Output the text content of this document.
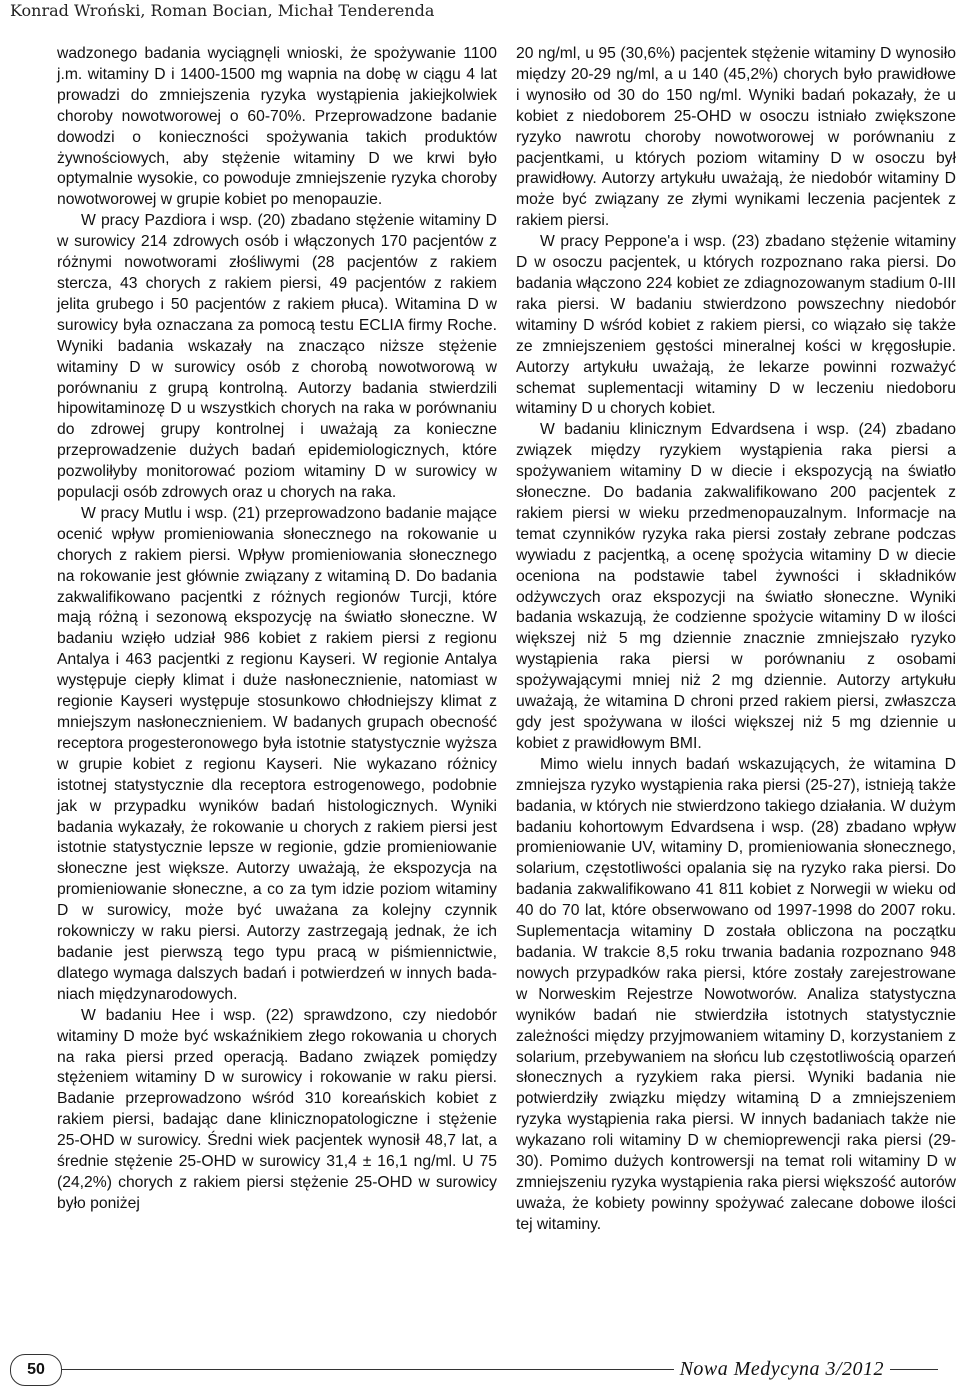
Konrad Wroński, Roman Bocian, Michał Tenderenda

wadzonego badania wyciągnęli wnioski, że spożywanie 1100 j.m. witaminy D i 1400-1500 mg wapnia na dobę w ciągu 4 lat prowadzi do zmniejszenia ryzyka wystąpienia jakiejkolwiek choroby nowotworowej o 60-70%. Przeprowadzone badanie dowodzi o konieczności spożywania takich produktów żywnościowych, aby stężenie witaminy D we krwi było optymalnie wysokie, co powoduje zmniejszenie ryzyka choroby nowotworowej w grupie kobiet po menopauzie.

W pracy Pazdiora i wsp. (20) zbadano stężenie witaminy D w surowicy 214 zdrowych osób i włączonych 170 pacjentów z różnymi nowotworami złośliwymi (28 pacjentów z rakiem stercza, 43 chorych z rakiem piersi, 49 pacjentów z rakiem jelita grubego i 50 pacjentów z rakiem płuca). Witamina D w surowicy była oznaczana za pomocą testu ECLIA firmy Roche. Wyniki badania wskazały na znacząco niższe stężenie witaminy D w surowicy osób z chorobą nowotworową w porównaniu z grupą kontrolną. Autorzy badania stwierdzili hipowitaminozę D u wszystkich chorych na raka w porównaniu do zdrowej grupy kontrolnej i uważają za konieczne przeprowadzenie dużych badań epidemiologicznych, które pozwoliłyby monitorować poziom witaminy D w surowicy w populacji osób zdrowych oraz u chorych na raka.

W pracy Mutlu i wsp. (21) przeprowadzono badanie mające ocenić wpływ promieniowania słonecznego na rokowanie u chorych z rakiem piersi. Wpływ promieniowania słonecznego na rokowanie jest głównie związany z witaminą D. Do badania zakwalifikowano pacjentki z różnych regionów Turcji, które mają różną i sezonową ekspozycję na światło słoneczne. W badaniu wzięło udział 986 kobiet z rakiem piersi z regionu Antalya i 463 pacjentki z regionu Kayseri. W regionie Antalya występuje ciepły klimat i duże nasłonecznienie, natomiast w regionie Kayseri występuje stosunkowo chłodniejszy klimat z mniejszym nasłonecznieniem. W badanych grupach obecność receptora progesteronowego była istotnie statystycznie wyższa w grupie kobiet z regionu Kayseri. Nie wykazano różnicy istotnej statystycznie dla receptora estrogenowego, podobnie jak w przypadku wyników badań histologicznych. Wyniki badania wykazały, że rokowanie u chorych z rakiem piersi jest istotnie statystycznie lepsze w regionie, gdzie promieniowanie słoneczne jest większe. Autorzy uważają, że ekspozycja na promieniowanie słoneczne, a co za tym idzie poziom witaminy D w surowicy, może być uważana za kolejny czynnik rokowniczy w raku piersi. Autorzy zastrzegają jednak, że ich badanie jest pierwszą tego typu pracą w piśmiennictwie, dlatego wymaga dalszych badań i potwierdzeń w innych badaniach międzynarodowych.

W badaniu Hee i wsp. (22) sprawdzono, czy niedobór witaminy D może być wskaźnikiem złego rokowania u chorych na raka piersi przed operacją. Badano związek pomiędzy stężeniem witaminy D w surowicy i rokowanie w raku piersi. Badanie przeprowadzono wśród 310 koreańskich kobiet z rakiem piersi, badając dane klinicznopatologiczne i stężenie 25-OHD w surowicy. Średni wiek pacjentek wynosił 48,7 lat, a średnie stężenie 25-OHD w surowicy 31,4 ± 16,1 ng/ml. U 75 (24,2%) chorych z rakiem piersi stężenie 25-OHD w surowicy było poniżej

20 ng/ml, u 95 (30,6%) pacjentek stężenie witaminy D wynosiło między 20-29 ng/ml, a u 140 (45,2%) chorych było prawidłowe i wynosiło od 30 do 150 ng/ml. Wyniki badań pokazały, że u kobiet z niedoborem 25-OHD w osoczu istniało zwiększone ryzyko nawrotu choroby nowotworowej w porównaniu z pacjentkami, u których poziom witaminy D w osoczu był prawidłowy. Autorzy artykułu uważają, że niedobór witaminy D może być związany ze złymi wynikami leczenia pacjentek z rakiem piersi.

W pracy Peppone'a i wsp. (23) zbadano stężenie witaminy D w osoczu pacjentek, u których rozpoznano raka piersi. Do badania włączono 224 kobiet ze zdiagnozowanym stadium 0-III raka piersi. W badaniu stwierdzono powszechny niedobór witaminy D wśród kobiet z rakiem piersi, co wiązało się także ze zmniejszeniem gęstości mineralnej kości w kręgosłupie. Autorzy artykułu uważają, że lekarze powinni rozważyć schemat suplementacji witaminy D w leczeniu niedoboru witaminy D u chorych kobiet.

W badaniu klinicznym Edvardsena i wsp. (24) zbadano związek między ryzykiem wystąpienia raka piersi a spożywaniem witaminy D w diecie i ekspozycją na światło słoneczne. Do badania zakwalifikowano 200 pacjentek z rakiem piersi w wieku przedmenopauzalnym. Informacje na temat czynników ryzyka raka piersi zostały zebrane podczas wywiadu z pacjentką, a ocenę spożycia witaminy D w diecie oceniona na podstawie tabel żywności i składników odżywczych oraz ekspozycji na światło słoneczne. Wyniki badania wskazują, że codzienne spożycie witaminy D w ilości większej niż 5 mg dziennie znacznie zmniejszało ryzyko wystąpienia raka piersi w porównaniu z osobami spożywającymi mniej niż 2 mg dziennie. Autorzy artykułu uważają, że witamina D chroni przed rakiem piersi, zwłaszcza gdy jest spożywana w ilości większej niż 5 mg dziennie u kobiet z prawidłowym BMI.

Mimo wielu innych badań wskazujących, że witamina D zmniejsza ryzyko wystąpienia raka piersi (25-27), istnieją także badania, w których nie stwierdzono takiego działania. W dużym badaniu kohortowym Edvardsena i wsp. (28) zbadano wpływ promieniowanie UV, witaminy D, promieniowania słonecznego, solarium, częstotliwości opalania się na ryzyko raka piersi. Do badania zakwalifikowano 41 811 kobiet z Norwegii w wieku od 40 do 70 lat, które obserwowano od 1997-1998 do 2007 roku. Suplementacja witaminy D została obliczona na początku badania. W trakcie 8,5 roku trwania badania rozpoznano 948 nowych przypadków raka piersi, które zostały zarejestrowane w Norweskim Rejestrze Nowotworów. Analiza statystyczna wyników badań nie stwierdziła istotnych statystycznie zależności między przyjmowaniem witaminy D, korzystaniem z solarium, przebywaniem na słońcu lub częstotliwością oparzeń słonecznych a ryzykiem raka piersi. Wyniki badania nie potwierdziły związku między witaminą D a zmniejszeniem ryzyka wystąpienia raka piersi. W innych badaniach także nie wykazano roli witaminy D w chemioprewencji raka piersi (29-30). Pomimo dużych kontrowersji na temat roli witaminy D w zmniejszeniu ryzyka wystąpienia raka piersi większość autorów uważa, że kobiety powinny spożywać zalecane dobowe ilości tej witaminy.

50	Nowa Medycyna 3/2012
